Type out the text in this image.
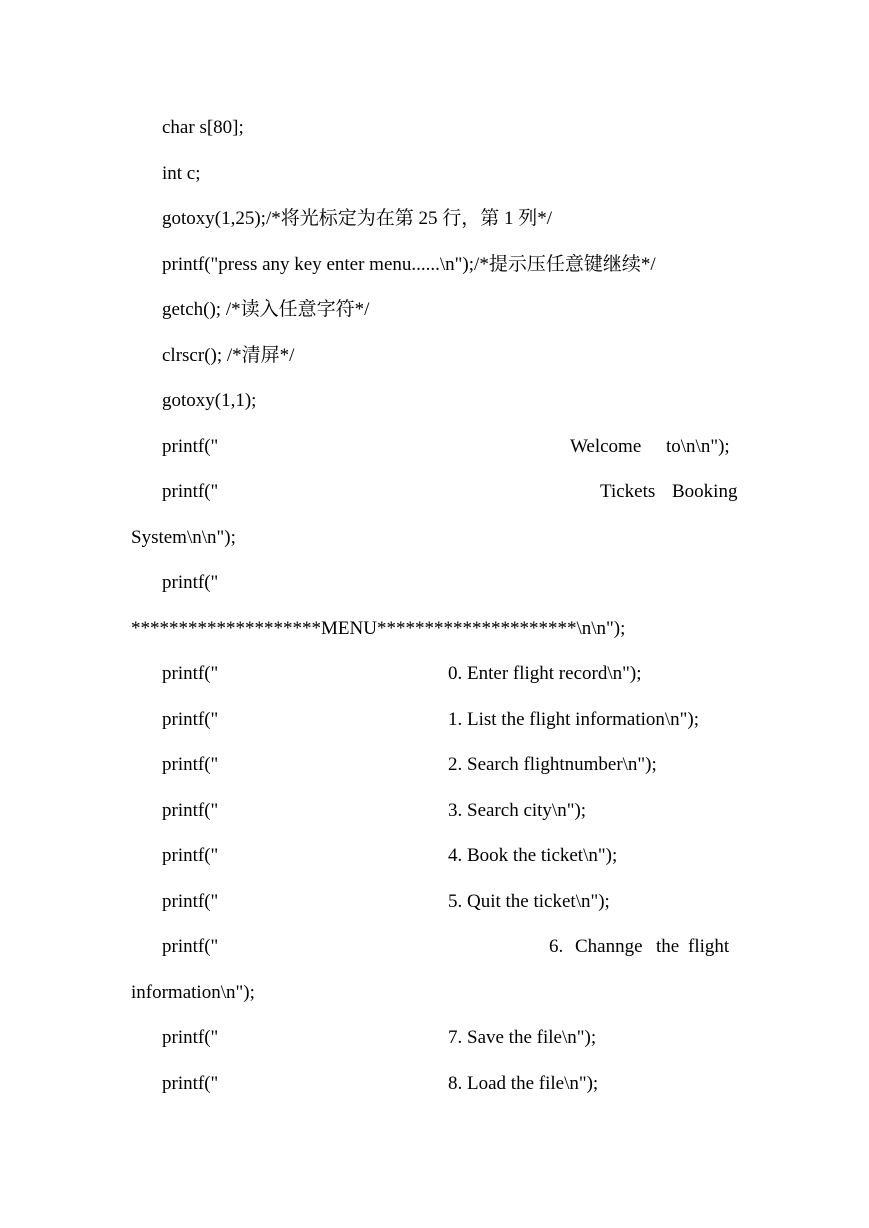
char s[80];
int c;
gotoxy(1,25);/*将光标定为在第 25 行，第 1 列*/
printf("press any key enter menu......\n");/*提示压任意键继续*/
getch(); /*读入任意字符*/
clrscr(); /*清屏*/
gotoxy(1,1);

printf("

	Welcome

to\n\n");

printf("

	Tickets

Booking

System\n\n");
printf("
********************MENU*********************\n\n");

printf("

	0. Enter flight record\n");

printf("

	1. List the flight information\n");

printf("

	2. Search flightnumber\n");

printf("

	3. Search city\n");

printf("

	4. Book the ticket\n");

printf("

	5. Quit the ticket\n");

printf("

	6.

Channge

the

flight

information\n");

printf("

	7. Save the file\n");

printf("

	8. Load the file\n");
